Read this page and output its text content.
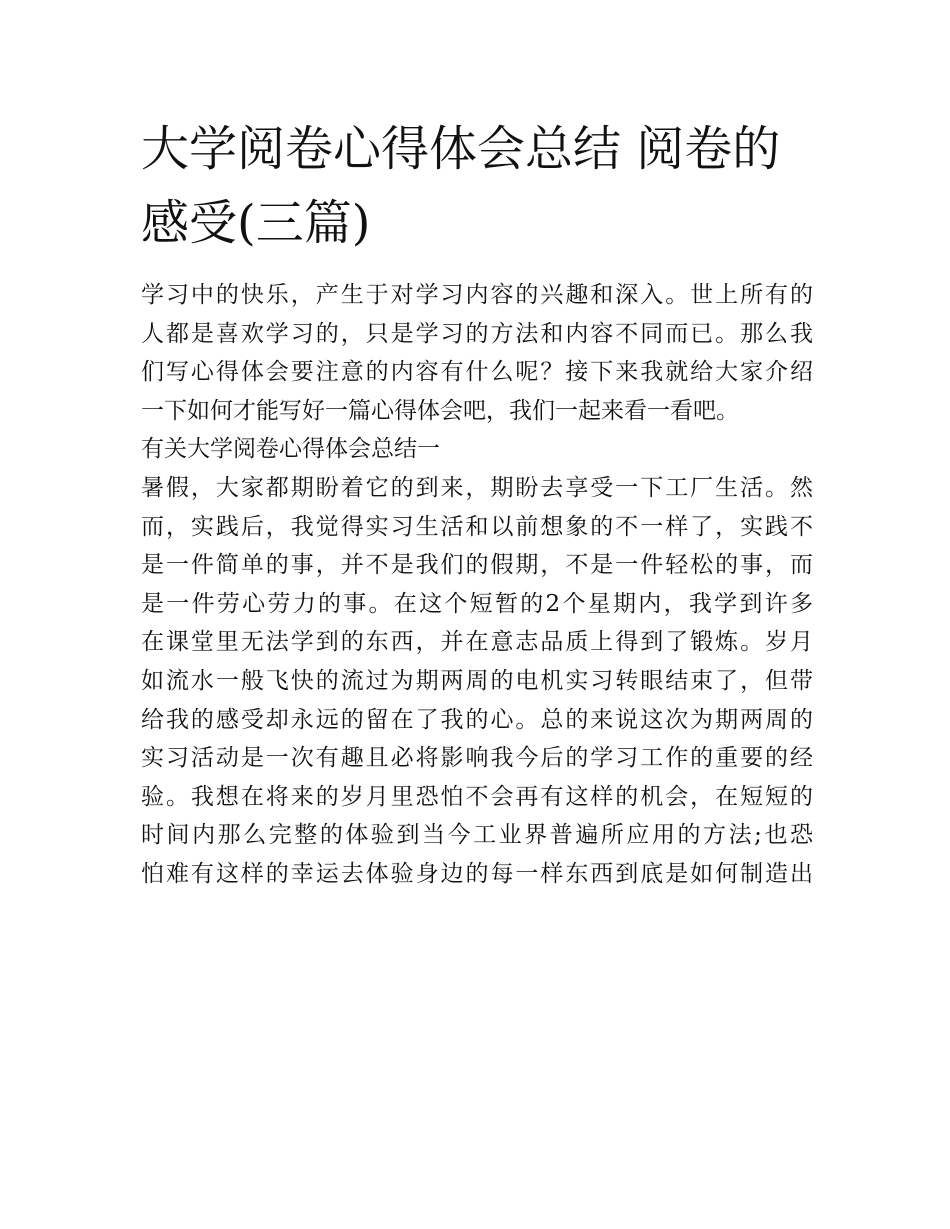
大学阅卷心得体会总结 阅卷的
感受(三篇)
学习中的快乐，产生于对学习内容的兴趣和深入。世上所有的
人都是喜欢学习的，只是学习的方法和内容不同而已。那么我
们写心得体会要注意的内容有什么呢？接下来我就给大家介绍
一下如何才能写好一篇心得体会吧，我们一起来看一看吧。
有关大学阅卷心得体会总结一
暑假，大家都期盼着它的到来，期盼去享受一下工厂生活。然
而，实践后，我觉得实习生活和以前想象的不一样了，实践不
是一件简单的事，并不是我们的假期，不是一件轻松的事，而
是一件劳心劳力的事。在这个短暂的2个星期内，我学到许多
在课堂里无法学到的东西，并在意志品质上得到了锻炼。岁月
如流水一般飞快的流过为期两周的电机实习转眼结束了，但带
给我的感受却永远的留在了我的心。总的来说这次为期两周的
实习活动是一次有趣且必将影响我今后的学习工作的重要的经
验。我想在将来的岁月里恐怕不会再有这样的机会，在短短的
时间内那么完整的体验到当今工业界普遍所应用的方法;也恐
怕难有这样的幸运去体验身边的每一样东西到底是如何制造出
